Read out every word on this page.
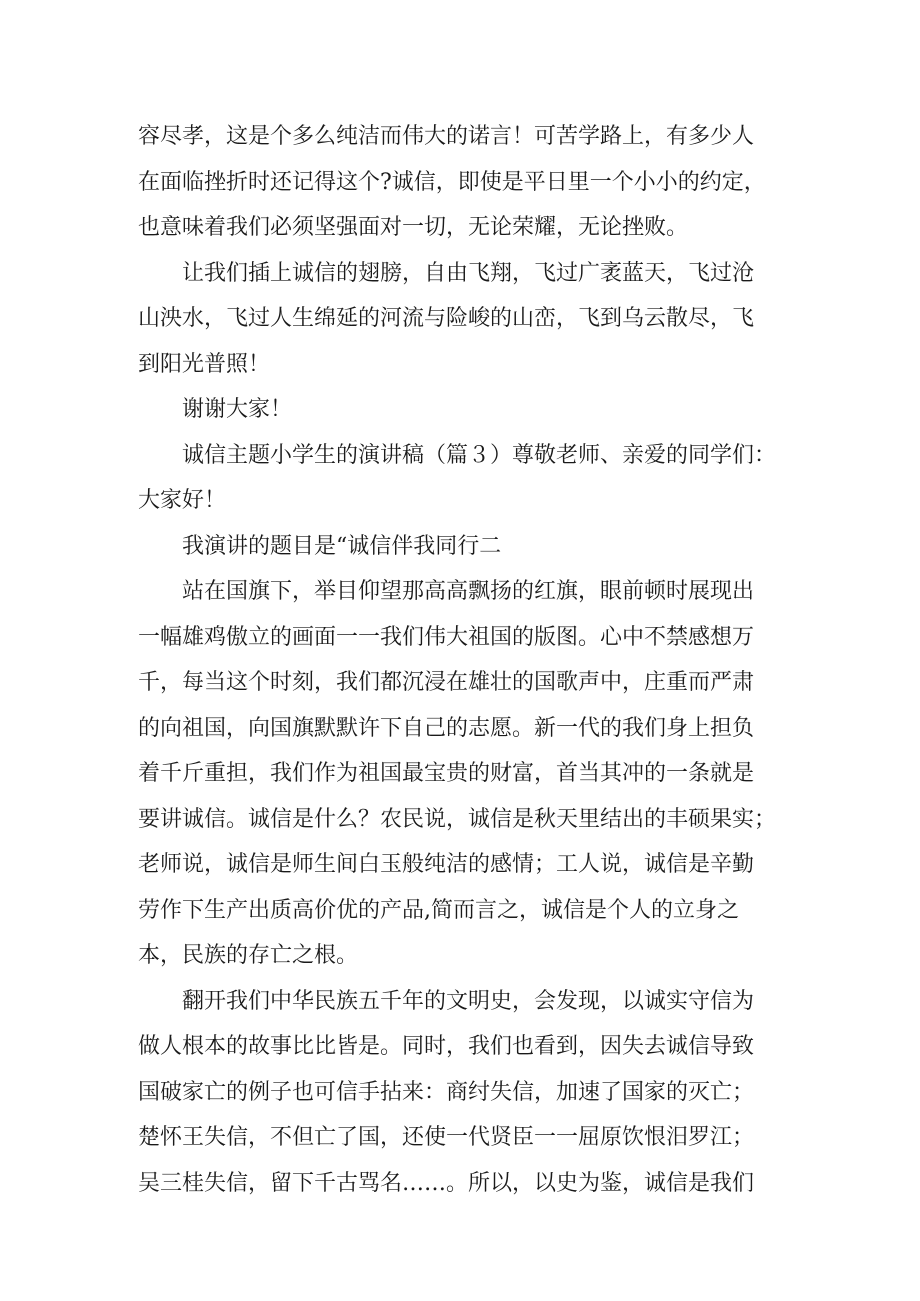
容尽孝，这是个多么纯洁而伟大的诺言！可苦学路上，有多少人
在面临挫折时还记得这个?诚信，即使是平日里一个小小的约定，
也意味着我们必须坚强面对一切，无论荣耀，无论挫败。
让我们插上诚信的翅膀，自由飞翔，飞过广袤蓝天，飞过沧
山泱水，飞过人生绵延的河流与险峻的山峦，飞到乌云散尽，飞
到阳光普照！
谢谢大家！
诚信主题小学生的演讲稿（篇３）尊敬老师、亲爱的同学们：
大家好！
我演讲的题目是“诚信伴我同行二
站在国旗下，举目仰望那高高飘扬的红旗，眼前顿时展现出
一幅雄鸡傲立的画面一一我们伟大祖国的版图。心中不禁感想万
千，每当这个时刻，我们都沉浸在雄壮的国歌声中，庄重而严肃
的向祖国，向国旗默默许下自己的志愿。新一代的我们身上担负
着千斤重担，我们作为祖国最宝贵的财富，首当其冲的一条就是
要讲诚信。诚信是什么？农民说，诚信是秋天里结出的丰硕果实；
老师说，诚信是师生间白玉般纯洁的感情；工人说，诚信是辛勤
劳作下生产出质高价优的产品,简而言之，诚信是个人的立身之
本，民族的存亡之根。
翻开我们中华民族五千年的文明史，会发现，以诚实守信为
做人根本的故事比比皆是。同时，我们也看到，因失去诚信导致
国破家亡的例子也可信手拈来：商纣失信，加速了国家的灭亡；
楚怀王失信，不但亡了国，还使一代贤臣一一屈原饮恨汨罗江；
吴三桂失信，留下千古骂名……。所以，以史为鉴，诚信是我们
